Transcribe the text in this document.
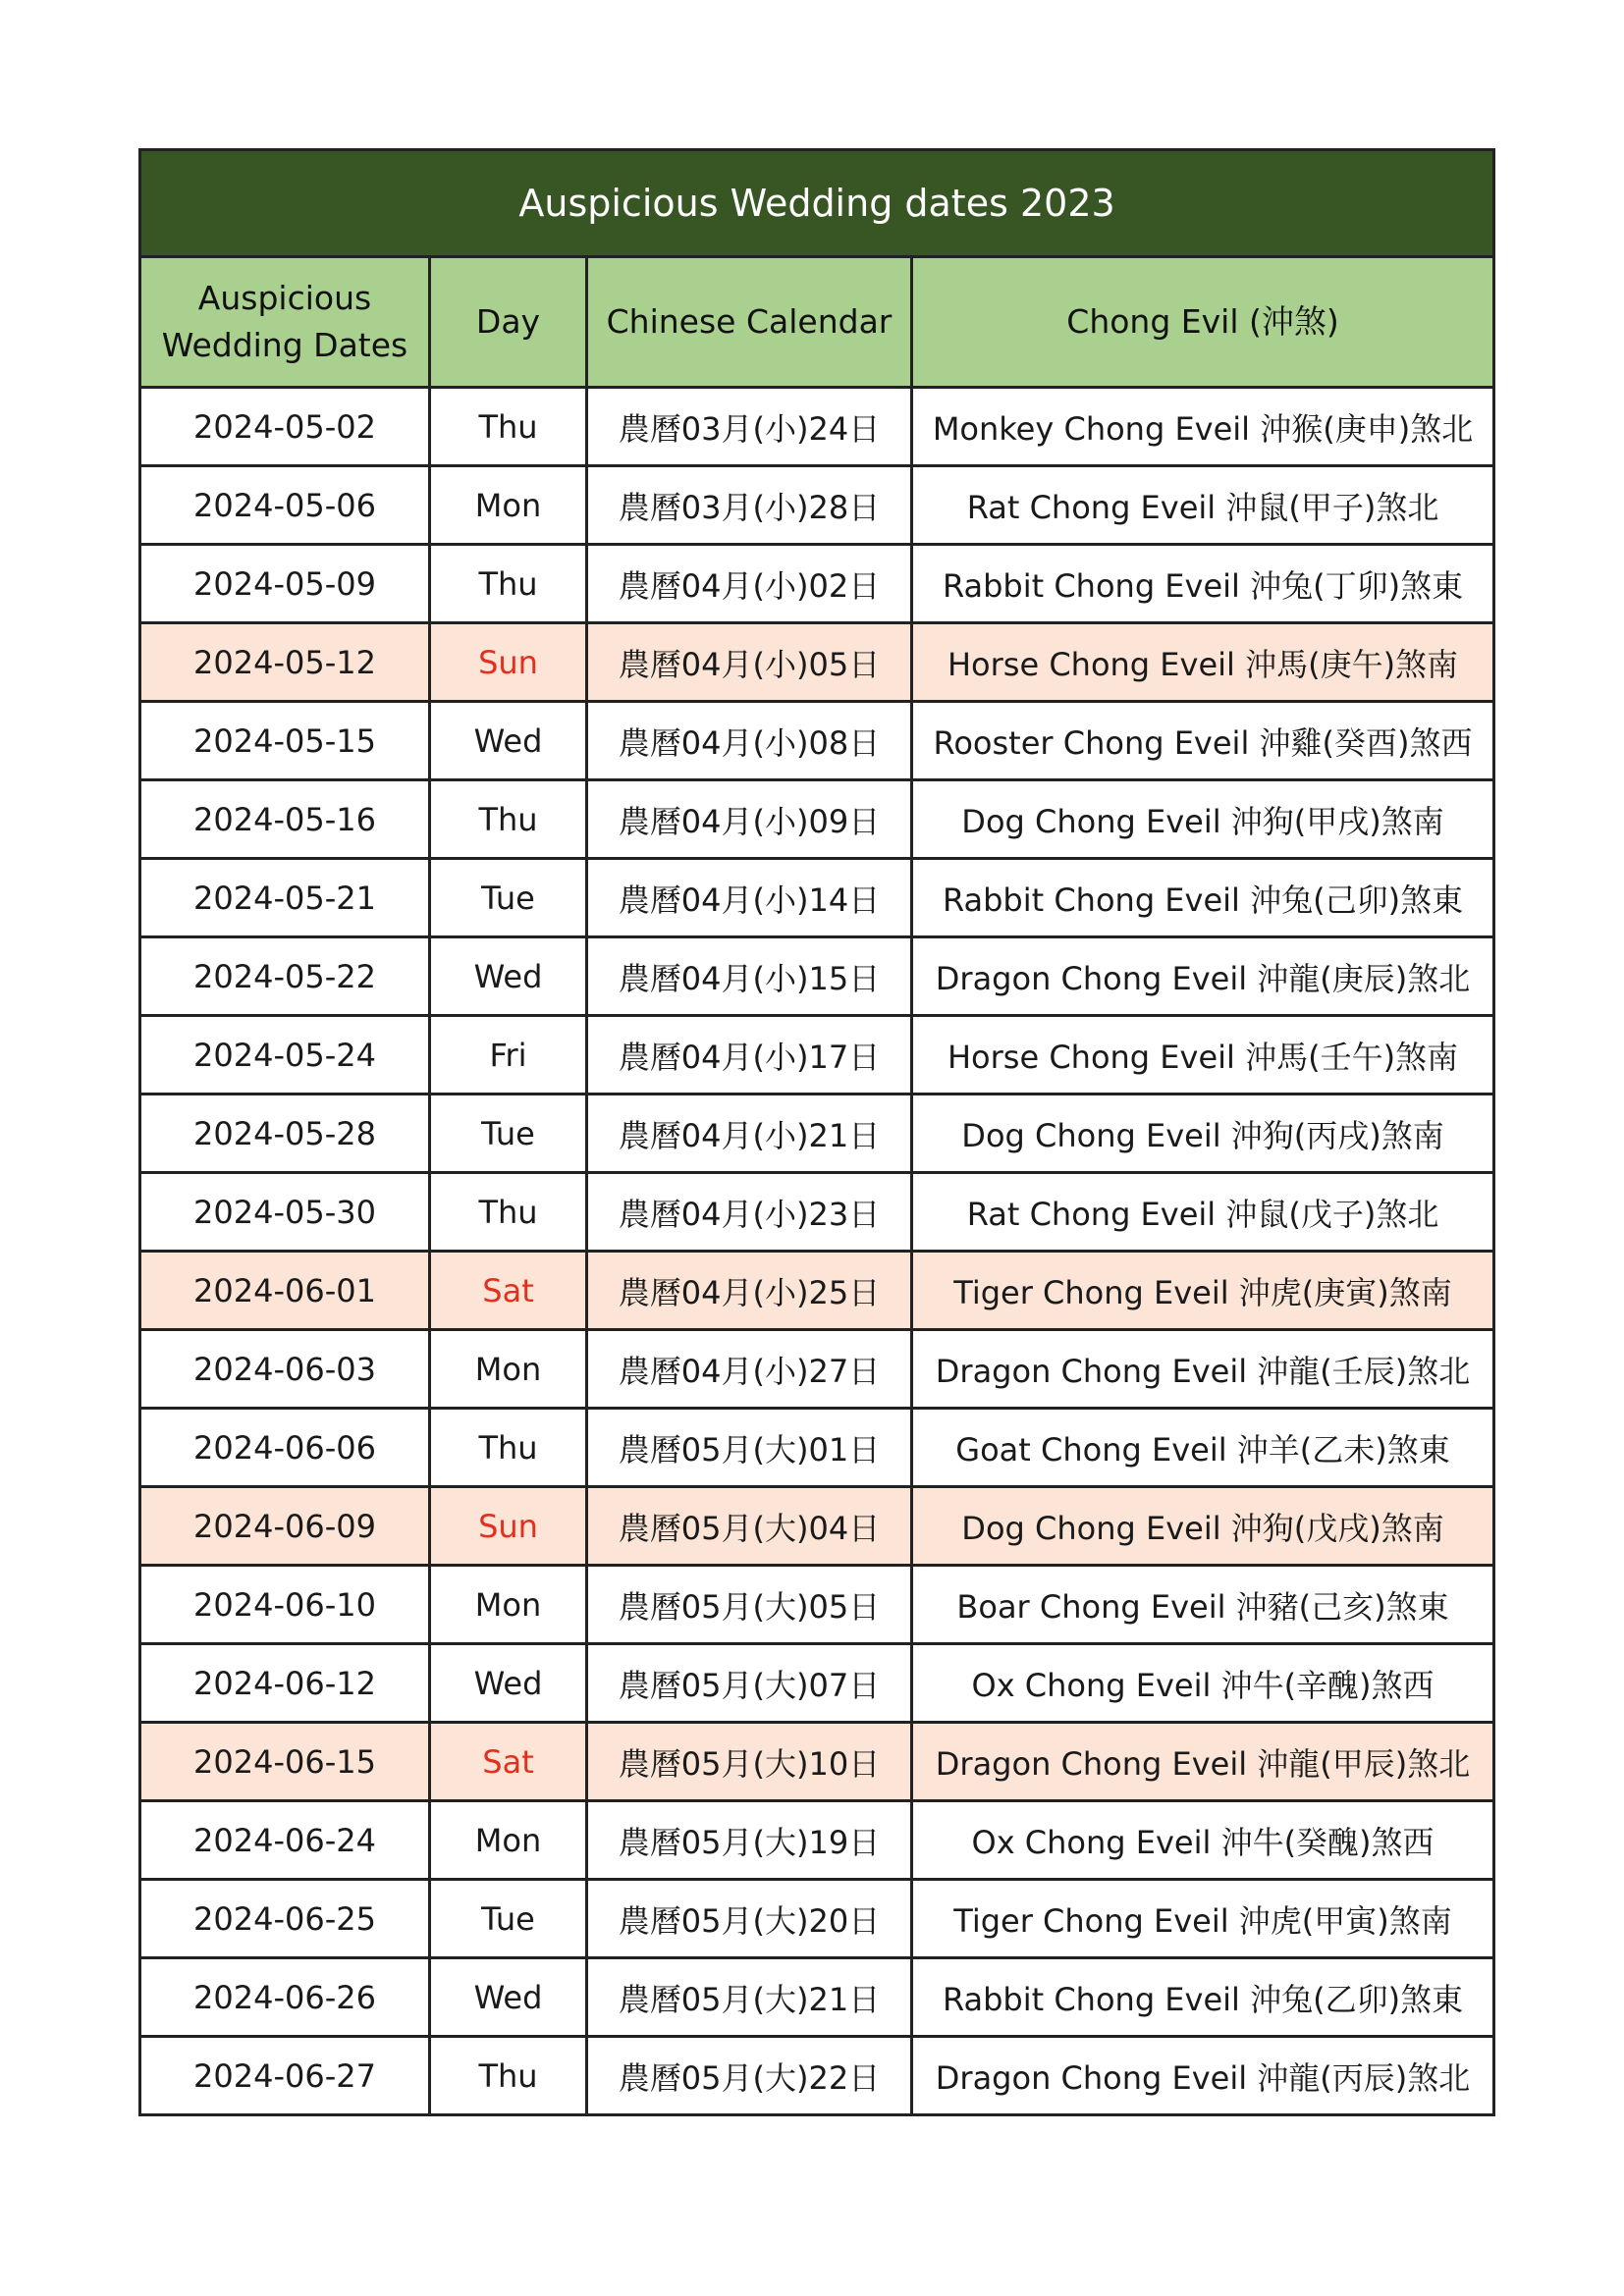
Auspicious Wedding dates 2023			

Auspicious
Wedding Dates	Day	Chinese Calendar	Chong Evil (沖煞)
2024-05-02	Thu	農曆03月(小)24日	Monkey Chong Eveil 沖猴(庚申)煞北
2024-05-06	Mon	農曆03月(小)28日	Rat Chong Eveil 沖鼠(甲子)煞北
2024-05-09	Thu	農曆04月(小)02日	Rabbit Chong Eveil 沖兔(丁卯)煞東
2024-05-12	Sun	農曆04月(小)05日	Horse Chong Eveil 沖馬(庚午)煞南
2024-05-15	Wed	農曆04月(小)08日	Rooster Chong Eveil 沖雞(癸酉)煞西
2024-05-16	Thu	農曆04月(小)09日	Dog Chong Eveil 沖狗(甲戌)煞南
2024-05-21	Tue	農曆04月(小)14日	Rabbit Chong Eveil 沖兔(己卯)煞東
2024-05-22	Wed	農曆04月(小)15日	Dragon Chong Eveil 沖龍(庚辰)煞北
2024-05-24	Fri	農曆04月(小)17日	Horse Chong Eveil 沖馬(壬午)煞南
2024-05-28	Tue	農曆04月(小)21日	Dog Chong Eveil 沖狗(丙戌)煞南
2024-05-30	Thu	農曆04月(小)23日	Rat Chong Eveil 沖鼠(戊子)煞北
2024-06-01	Sat	農曆04月(小)25日	Tiger Chong Eveil 沖虎(庚寅)煞南
2024-06-03	Mon	農曆04月(小)27日	Dragon Chong Eveil 沖龍(壬辰)煞北
2024-06-06	Thu	農曆05月(大)01日	Goat Chong Eveil 沖羊(乙未)煞東
2024-06-09	Sun	農曆05月(大)04日	Dog Chong Eveil 沖狗(戊戌)煞南
2024-06-10	Mon	農曆05月(大)05日	Boar Chong Eveil 沖豬(己亥)煞東
2024-06-12	Wed	農曆05月(大)07日	Ox Chong Eveil 沖牛(辛醜)煞西
2024-06-15	Sat	農曆05月(大)10日	Dragon Chong Eveil 沖龍(甲辰)煞北
2024-06-24	Mon	農曆05月(大)19日	Ox Chong Eveil 沖牛(癸醜)煞西
2024-06-25	Tue	農曆05月(大)20日	Tiger Chong Eveil 沖虎(甲寅)煞南
2024-06-26	Wed	農曆05月(大)21日	Rabbit Chong Eveil 沖兔(乙卯)煞東
2024-06-27	Thu	農曆05月(大)22日	Dragon Chong Eveil 沖龍(丙辰)煞北
